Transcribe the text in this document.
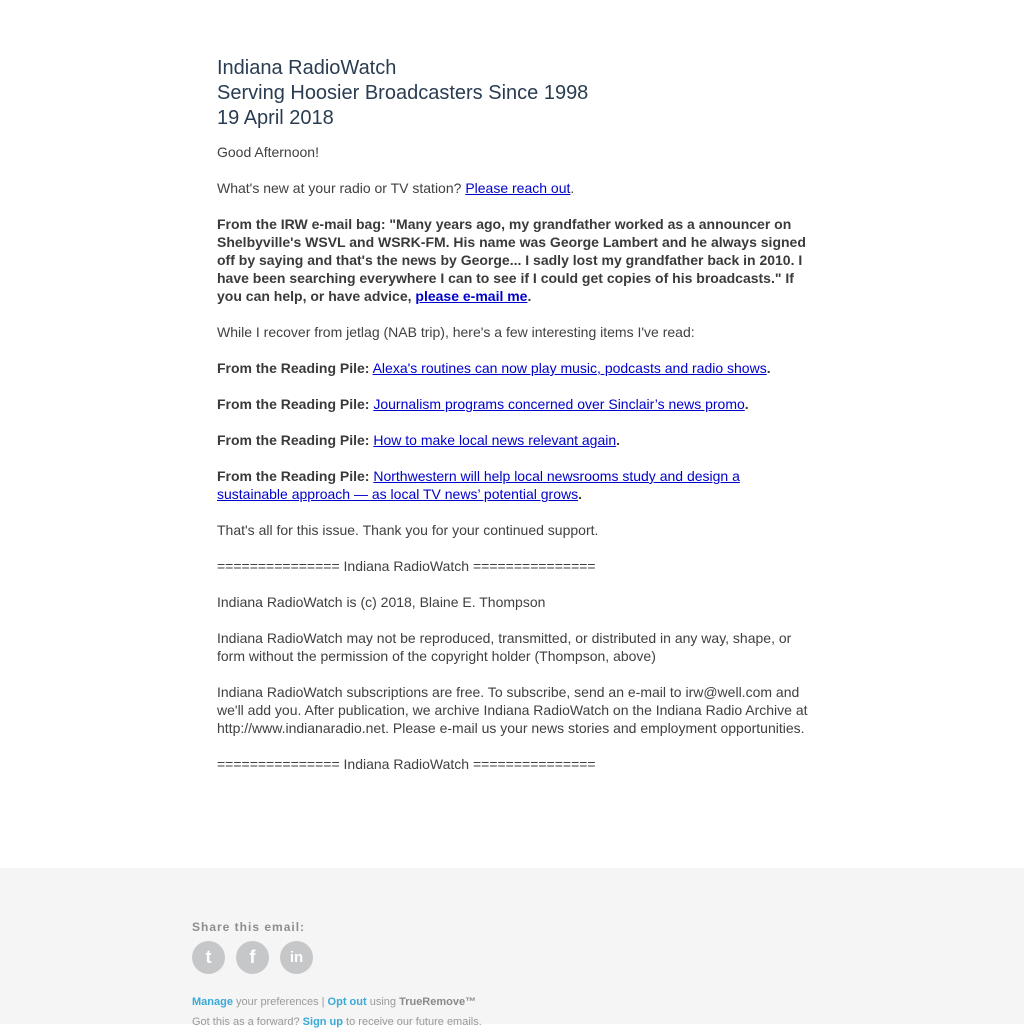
Indiana RadioWatch
Serving Hoosier Broadcasters Since 1998
19 April 2018

Good Afternoon!

What's new at your radio or TV station? Please reach out.

From the IRW e-mail bag: "Many years ago, my grandfather worked as a announcer on Shelbyville's WSVL and WSRK-FM. His name was George Lambert and he always signed off by saying and that's the news by George... I sadly lost my grandfather back in 2010. I have been searching everywhere I can to see if I could get copies of his broadcasts." If you can help, or have advice, please e-mail me.

While I recover from jetlag (NAB trip), here's a few interesting items I've read:

From the Reading Pile: Alexa's routines can now play music, podcasts and radio shows.

From the Reading Pile: Journalism programs concerned over Sinclair’s news promo.

From the Reading Pile: How to make local news relevant again.

From the Reading Pile: Northwestern will help local newsrooms study and design a sustainable approach — as local TV news’ potential grows.

That's all for this issue. Thank you for your continued support.

=============== Indiana RadioWatch ===============

Indiana RadioWatch is (c) 2018, Blaine E. Thompson

Indiana RadioWatch may not be reproduced, transmitted, or distributed in any way, shape, or form without the permission of the copyright holder (Thompson, above)

Indiana RadioWatch subscriptions are free. To subscribe, send an e-mail to irw@well.com and we'll add you. After publication, we archive Indiana RadioWatch on the Indiana Radio Archive at http://www.indianaradio.net. Please e-mail us your news stories and employment opportunities.

=============== Indiana RadioWatch ===============

Share this email:
t f in
Manage your preferences | Opt out using TrueRemove™
Got this as a forward? Sign up to receive our future emails.
